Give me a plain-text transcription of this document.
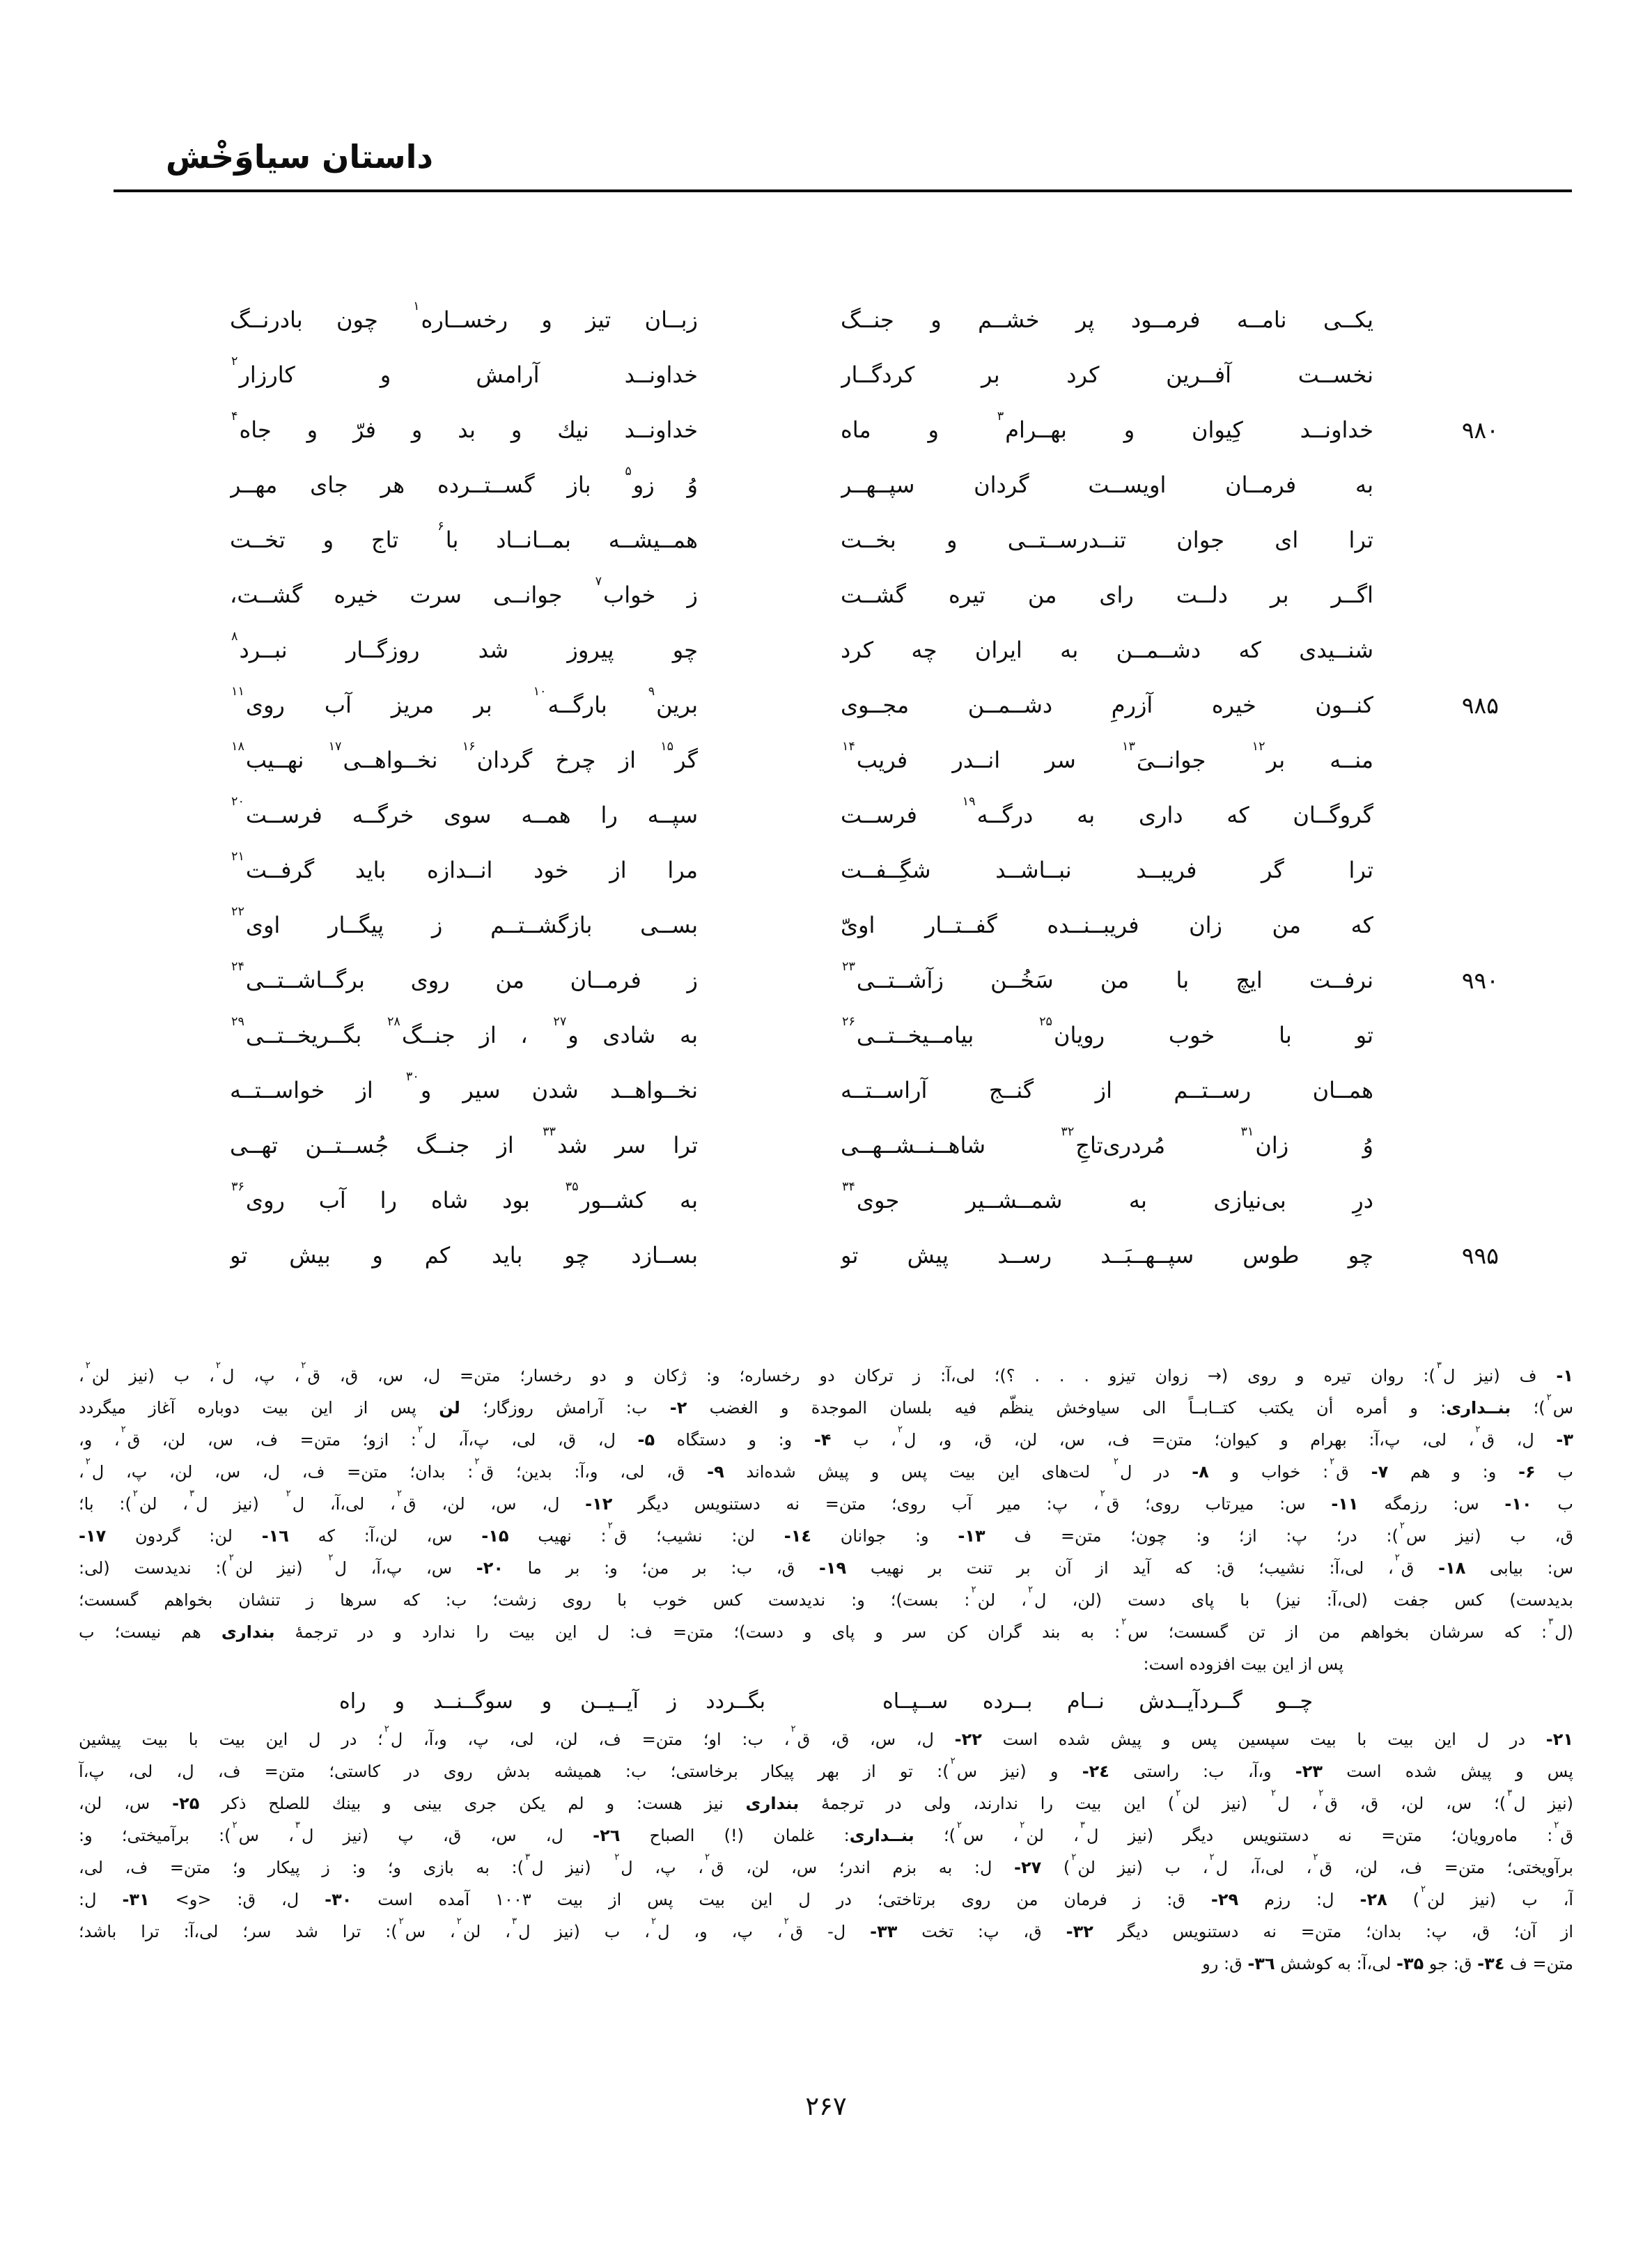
داستان سیاوَخْش
یکــی نامــه فرمــود پر خشــم و جنــگ
زبــان تیز و رخســاره$^۱$ چون بادرنــگ
نخســت آفــرین کرد بر کردگــار
خداونــد آرامش و کارزار$^۲$
۹۸۰
خداونــد کِیوان و بهــرام$^۳$ و ماه
خداونــد نیك و بد و فرّ و جاه$^۴$
به فرمــان اویســت گردان سپــهــر
وُ زو$^۵$ باز گســتــرده هر جای مهــر
ترا ای جوان تنــدرســتــی و بخــت
همــیشــه بمــانــاد با$^۶$ تاج و تخــت
اگــر بر دلــت رای من تیره گشــت
ز خواب$^۷$ جوانــی سرت خیره گشــت،
شنــیدی که دشــمــن به ایران چه کرد
چو پیروز شد روزگــار نبــرد$^۸$
۹۸۵
کنــون خیره آزرمِ دشــمــن مجــوی
برین$^۹$ بارگــه$^{۱۰}$ بر مریز آب روی$^{۱۱}$
منــه بر$^{۱۲}$ جوانــیَ$^{۱۳}$ سر انــدر فریب$^{۱۴}$
گر$^{۱۵}$ از چرخ گردان$^{۱۶}$ نخــواهــی$^{۱۷}$ نهــیب$^{۱۸}$
گروگــان که داری به درگــه$^{۱۹}$ فرســت
سپــه را همــه سوی خرگــه فرســت$^{۲۰}$
ترا گر فریبــد نبــاشــد شگِــفــت
مرا از خود انــدازه باید گرفــت$^{۲۱}$
که من زان فریبــنــده گفــتــار اویّ
بســی بازگشــتــم ز پیگــار اوی$^{۲۲}$
۹۹۰
نرفــت ایچ با من سَخُــن زآشــتــی$^{۲۳}$
ز فرمــان من روی برگــاشــتــی$^{۲۴}$
تو با خوب رویان$^{۲۵}$ بیامــیخــتــی$^{۲۶}$
به شادی و$^{۲۷}$ ، از جنــگ$^{۲۸}$ بگــریخــتــی$^{۲۹}$
همــان رســتــم از گنــج آراســتــه
نخــواهــد شدن سیر و$^{۳۰}$ از خواســتــه
وُ زان$^{۳۱}$ مُردری‌تاجِ$^{۳۲}$ شاهــنــشــهــی
ترا سر شد$^{۳۳}$ از جنــگ جُســتــن تهــی
درِ بی‌نیازی به شمــشــیر جوی$^{۳۴}$
به کشــور$^{۳۵}$ بود شاه را آب روی$^{۳۶}$
۹۹۵
چو طوس سپــهــبَــد رســد پیش تو
بســازد چو باید کم و بیش تو
۱- ف (نیز ل$^۳$): روان تیره و روی (→ زوان تیزو . . . ؟)؛ لی،آ: ز ترکان دو رخساره؛ و: ژکان و دو رخسار؛ متن= ل، س، ق، ق$^۲$، پ، ل$^۲$، ب (نیز لن$^۲$،
س$^۲$)؛ بنــداری: و أمره أن یکتب کتــابــاً الی سیاوخش ینظّم فیه بلسان الموجدة و الغضب ۲- ب: آرامش روزگار؛ لن پس از این بیت دوباره آغاز میگردد
۳- ل، ق$^۲$، لی، پ،آ: بهرام و کیوان؛ متن= ف، س، لن، ق، و، ل$^۲$، ب ۴- و: و دستگاه ۵- ل، ق، لی، پ،آ، ل$^۲$: ازو؛ متن= ف، س، لن، ق$^۲$، و،
ب ۶- و: و هم ۷- ق$^۲$: خواب و ۸- در ل$^۲$ لت‌های این بیت پس و پیش شده‌اند ۹- ق، لی، و،آ: بدین؛ ق$^۲$: بدان؛ متن= ف، ل، س، لن، پ، ل$^۲$،
ب ۱۰- س: رزمگه ۱۱- س: میرتاب روی؛ ق$^۲$، پ: میر آب روی؛ متن= نه دستنویس دیگر ۱۲- ل، س، لن، ق$^۲$، لی،آ، ل$^۲$ (نیز ل$^۳$، لن$^۲$): با؛
ق، ب (نیز س$^۲$): در؛ پ: از؛ و: چون؛ متن= ف ۱۳- و: جوانان ۱٤- لن: نشیب؛ ق$^۲$: نهیب ۱۵- س، لن،آ: که ۱٦- لن: گردون ۱۷-
س: بیابی ۱۸- ق$^۲$، لی،آ: نشیب؛ ق: که آید از آن بر تنت بر نهیب ۱۹- ق، ب: بر من؛ و: بر ما ۲۰- س، پ،آ، ل$^۲$ (نیز لن$^۲$): ندیدست (لی:
بدیدست) کس جفت (لی،آ: نیز) با پای دست (لن، ل$^۲$، لن$^۲$: بست)؛ و: ندیدست کس خوب با روی زشت؛ ب: که سرها ز تنشان بخواهم گسست؛
(ل$^۳$: که سرشان بخواهم من از تن گسست؛ س$^۲$: به بند گران کن سر و پای و دست)؛ متن= ف: ل این بیت را ندارد و در ترجمهٔ بنداری هم نیست؛ ب
پس از این بیت افزوده است:
چــو گــردآیــدش نــام بــرده ســپــاه
بگــردد ز آیــیــن و سوگــنــد و راه
۲۱- در ل این بیت با بیت سپسین پس و پیش شده است ۲۲- ل، س، ق، ق$^۲$، ب: او؛ متن= ف، لن، لی، پ، و،آ، ل$^۲$؛ در ل این بیت با بیت پیشین
پس و پیش شده است ۲۳- و،آ، ب: راستی ۲٤- و (نیز س$^۲$): تو از بهر پیکار برخاستی؛ ب: همیشه بدش روی در کاستی؛ متن= ف، ل، لی، پ،آ
(نیز ل$^۳$)؛ س، لن، ق، ق$^۲$، ل$^۲$ (نیز لن$^۲$) این بیت را ندارند، ولی در ترجمهٔ بنداری نیز هست: و لم یکن جری بینی و بینك للصلح ذکر ۲۵- س، لن،
ق$^۲$: ماه‌رویان؛ متن= نه دستنویس دیگر (نیز ل$^۳$، لن$^۲$، س$^۲$)؛ بنــداری: غلمان (!) الصباح ۲٦- ل، س، ق، پ (نیز ل$^۳$، س$^۲$): برآمیختی؛ و:
برآویختی؛ متن= ف، لن، ق$^۲$، لی،آ، ل$^۲$، ب (نیز لن$^۲$) ۲۷- ل: به بزم اندر؛ س، لن، ق$^۲$، پ، ل$^۲$ (نیز ل$^۳$): به بازی و؛ و: ز پیکار و؛ متن= ف، لی،
آ، ب (نیز لن$^۲$) ۲۸- ل: رزم ۲۹- ق: ز فرمان من روی برتاختی؛ در ل این بیت پس از بیت ۱۰۰۳ آمده است ۳۰- ل، ق: <و> ۳۱- ل:
از آن؛ ق، پ: بدان؛ متن= نه دستنویس دیگر ۳۲- ق، پ: تخت ۳۳- ل- ق$^۲$، پ، و، ل$^۲$، ب (نیز ل$^۳$، لن$^۲$، س$^۲$): ترا شد سر؛ لی،آ: ترا باشد؛
متن= ف ۳٤- ق: جو ۳۵- لی،آ: به کوشش ۳٦- ق: رو
۲۶۷
